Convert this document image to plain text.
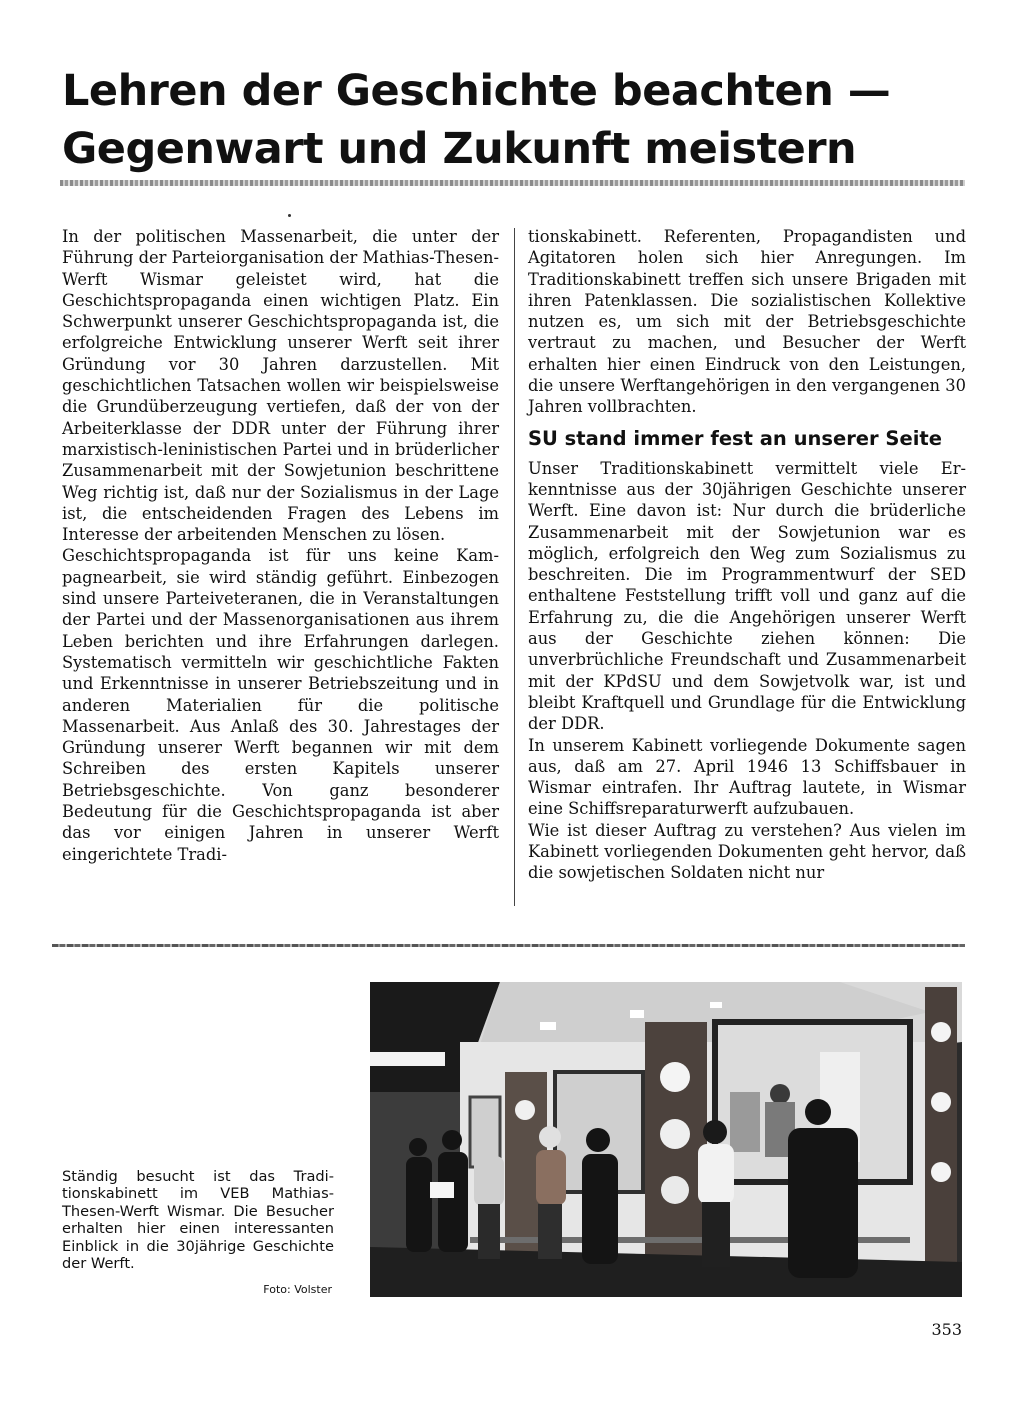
Lehren der Geschichte beachten —
Gegenwart und Zukunft meistern

In der politischen Massenarbeit, die unter der Führung der Parteiorganisation der Mathias-Thesen-Werft Wismar geleistet wird, hat die Geschichtspropaganda einen wichtigen Platz. Ein Schwerpunkt unserer Geschichtspropaganda ist, die erfolgreiche Entwicklung unserer Werft seit ihrer Gründung vor 30 Jahren darzustellen. Mit geschichtlichen Tatsachen wollen wir beispielsweise die Grundüberzeugung vertiefen, daß der von der Arbeiterklasse der DDR unter der Führung ihrer marxistisch-leninistischen Partei und in brüderlicher Zusammenarbeit mit der Sowjetunion beschrittene Weg richtig ist, daß nur der Sozialismus in der Lage ist, die entscheidenden Fragen des Lebens im Interesse der arbeitenden Menschen zu lösen.

Geschichtspropaganda ist für uns keine Kampagnearbeit, sie wird ständig geführt. Einbezogen sind unsere Parteiveteranen, die in Veranstaltungen der Partei und der Massenorganisationen aus ihrem Leben berichten und ihre Erfahrungen darlegen. Systematisch vermitteln wir geschichtliche Fakten und Erkenntnisse in unserer Betriebszeitung und in anderen Materialien für die politische Massenarbeit. Aus Anlaß des 30. Jahrestages der Gründung unserer Werft begannen wir mit dem Schreiben des ersten Kapitels unserer Betriebsgeschichte. Von ganz besonderer Bedeutung für die Geschichtspropaganda ist aber das vor einigen Jahren in unserer Werft eingerichtete Tradi-

tionskabinett. Referenten, Propagandisten und Agitatoren holen sich hier Anregungen. Im Traditionskabinett treffen sich unsere Brigaden mit ihren Patenklassen. Die sozialistischen Kollektive nutzen es, um sich mit der Betriebsgeschichte vertraut zu machen, und Besucher der Werft erhalten hier einen Eindruck von den Leistungen, die unsere Werftangehörigen in den vergangenen 30 Jahren vollbrachten.

SU stand immer fest an unserer Seite

Unser Traditionskabinett vermittelt viele Erkenntnisse aus der 30jährigen Geschichte unserer Werft. Eine davon ist: Nur durch die brüderliche Zusammenarbeit mit der Sowjetunion war es möglich, erfolgreich den Weg zum Sozialismus zu beschreiten. Die im Programmentwurf der SED enthaltene Feststellung trifft voll und ganz auf die Erfahrung zu, die die Angehörigen unserer Werft aus der Geschichte ziehen können: Die unverbrüchliche Freundschaft und Zusammenarbeit mit der KPdSU und dem Sowjetvolk war, ist und bleibt Kraftquell und Grundlage für die Entwicklung der DDR.

In unserem Kabinett vorliegende Dokumente sagen aus, daß am 27. April 1946 13 Schiffsbauer in Wismar eintrafen. Ihr Auftrag lautete, in Wismar eine Schiffsreparaturwerft aufzubauen.

Wie ist dieser Auftrag zu verstehen? Aus vielen im Kabinett vorliegenden Dokumenten geht hervor, daß die sowjetischen Soldaten nicht nur

Ständig besucht ist das Traditionskabinett im VEB Mathias-Thesen-Werft Wismar. Die Besucher erhalten hier einen interessanten Einblick in die 30jährige Geschichte der Werft.

Foto: Volster
353
